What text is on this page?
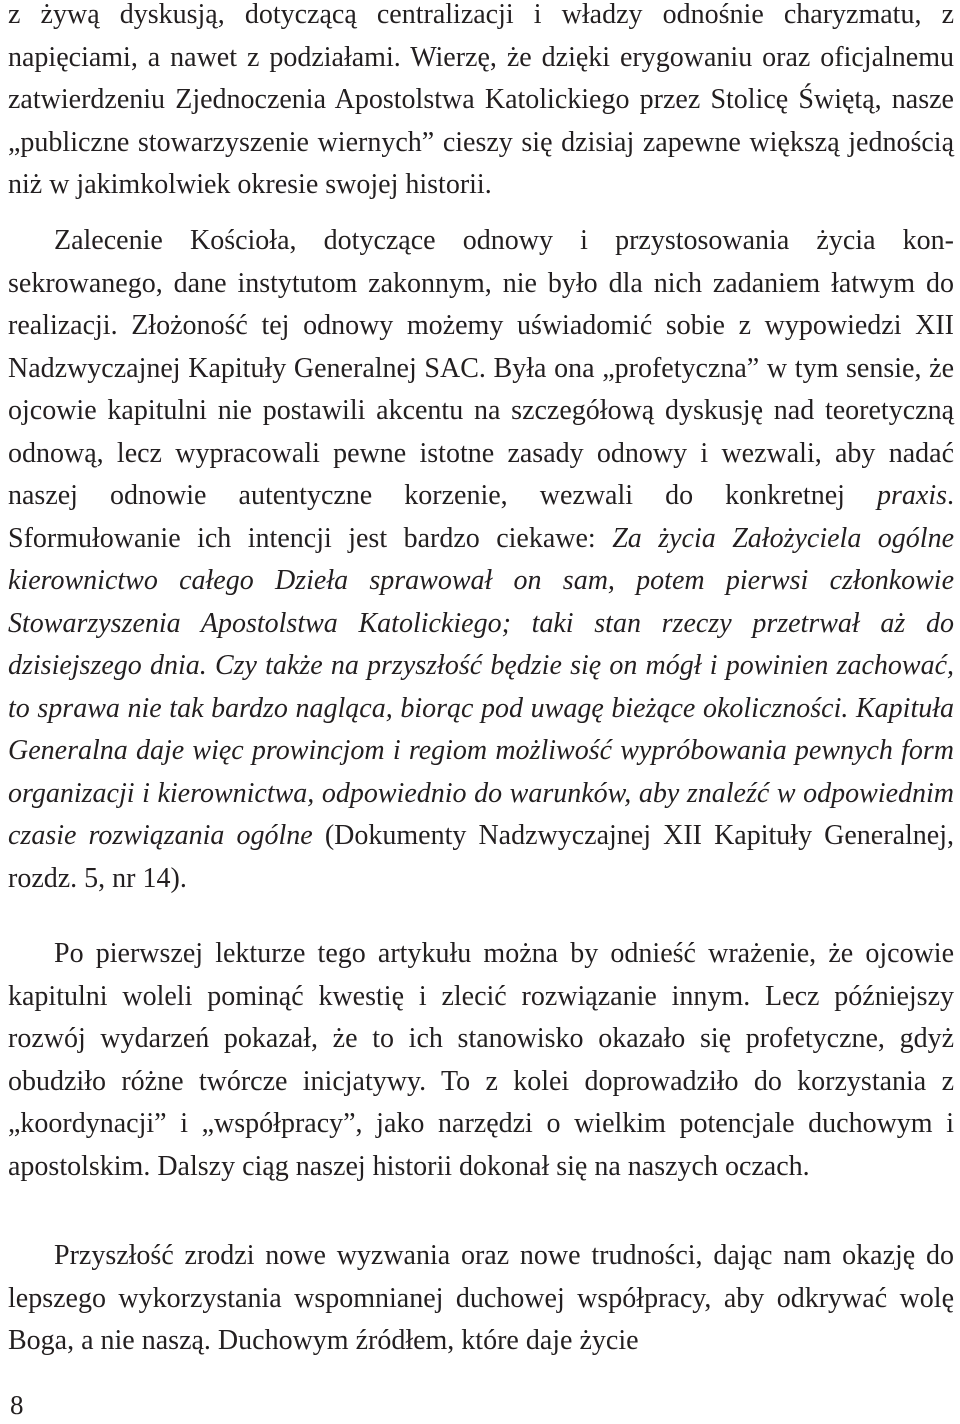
z żywą dyskusją, dotyczącą centralizacji i władzy odnośnie charyzmatu, z napięciami, a nawet z podziałami. Wierzę, że dzięki erygowaniu oraz oficjalnemu zatwierdzeniu Zjednoczenia Apostolstwa Katolickiego przez Stolicę Świętą, nasze „publiczne stowarzyszenie wiernych” cieszy się dzisiaj zapewne większą jednością niż w jakimkolwiek okresie swojej historii.

Zalecenie Kościoła, dotyczące odnowy i przystosowania życia konsekrowanego, dane instytutom zakonnym, nie było dla nich zadaniem łatwym do realizacji. Złożoność tej odnowy możemy uświadomić sobie z wypowiedzi XII Nadzwyczajnej Kapituły Generalnej SAC. Była ona „profetyczna” w tym sensie, że ojcowie kapitulni nie postawili akcentu na szczegółową dyskusję nad teoretyczną odnową, lecz wypracowali pewne istotne zasady odnowy i wezwali, aby nadać naszej odnowie autentyczne korzenie, wezwali do konkretnej praxis. Sformułowanie ich intencji jest bardzo ciekawe: Za życia Założyciela ogólne kierownictwo całego Dzieła sprawował on sam, potem pierwsi członkowie Stowarzyszenia Apostolstwa Katolickiego; taki stan rzeczy przetrwał aż do dzisiejszego dnia. Czy także na przyszłość będzie się on mógł i powinien zachować, to sprawa nie tak bardzo nagląca, biorąc pod uwagę bieżące okoliczności. Kapituła Generalna daje więc prowincjom i regiom możliwość wypróbowania pewnych form organizacji i kierownictwa, odpowiednio do warunków, aby znaleźć w odpowiednim czasie rozwiązania ogólne (Dokumenty Nadzwyczajnej XII Kapituły Generalnej, rozdz. 5, nr 14).

Po pierwszej lekturze tego artykułu można by odnieść wrażenie, że ojcowie kapitulni woleli pominąć kwestię i zlecić rozwiązanie innym. Lecz późniejszy rozwój wydarzeń pokazał, że to ich stanowisko okazało się profetyczne, gdyż obudziło różne twórcze inicjatywy. To z kolei doprowadziło do korzystania z „koordynacji” i „współpracy”, jako narzędzi o wielkim potencjale duchowym i apostolskim. Dalszy ciąg naszej historii dokonał się na naszych oczach.

Przyszłość zrodzi nowe wyzwania oraz nowe trudności, dając nam okazję do lepszego wykorzystania wspomnianej duchowej współpracy, aby odkrywać wolę Boga, a nie naszą. Duchowym źródłem, które daje życie

8
